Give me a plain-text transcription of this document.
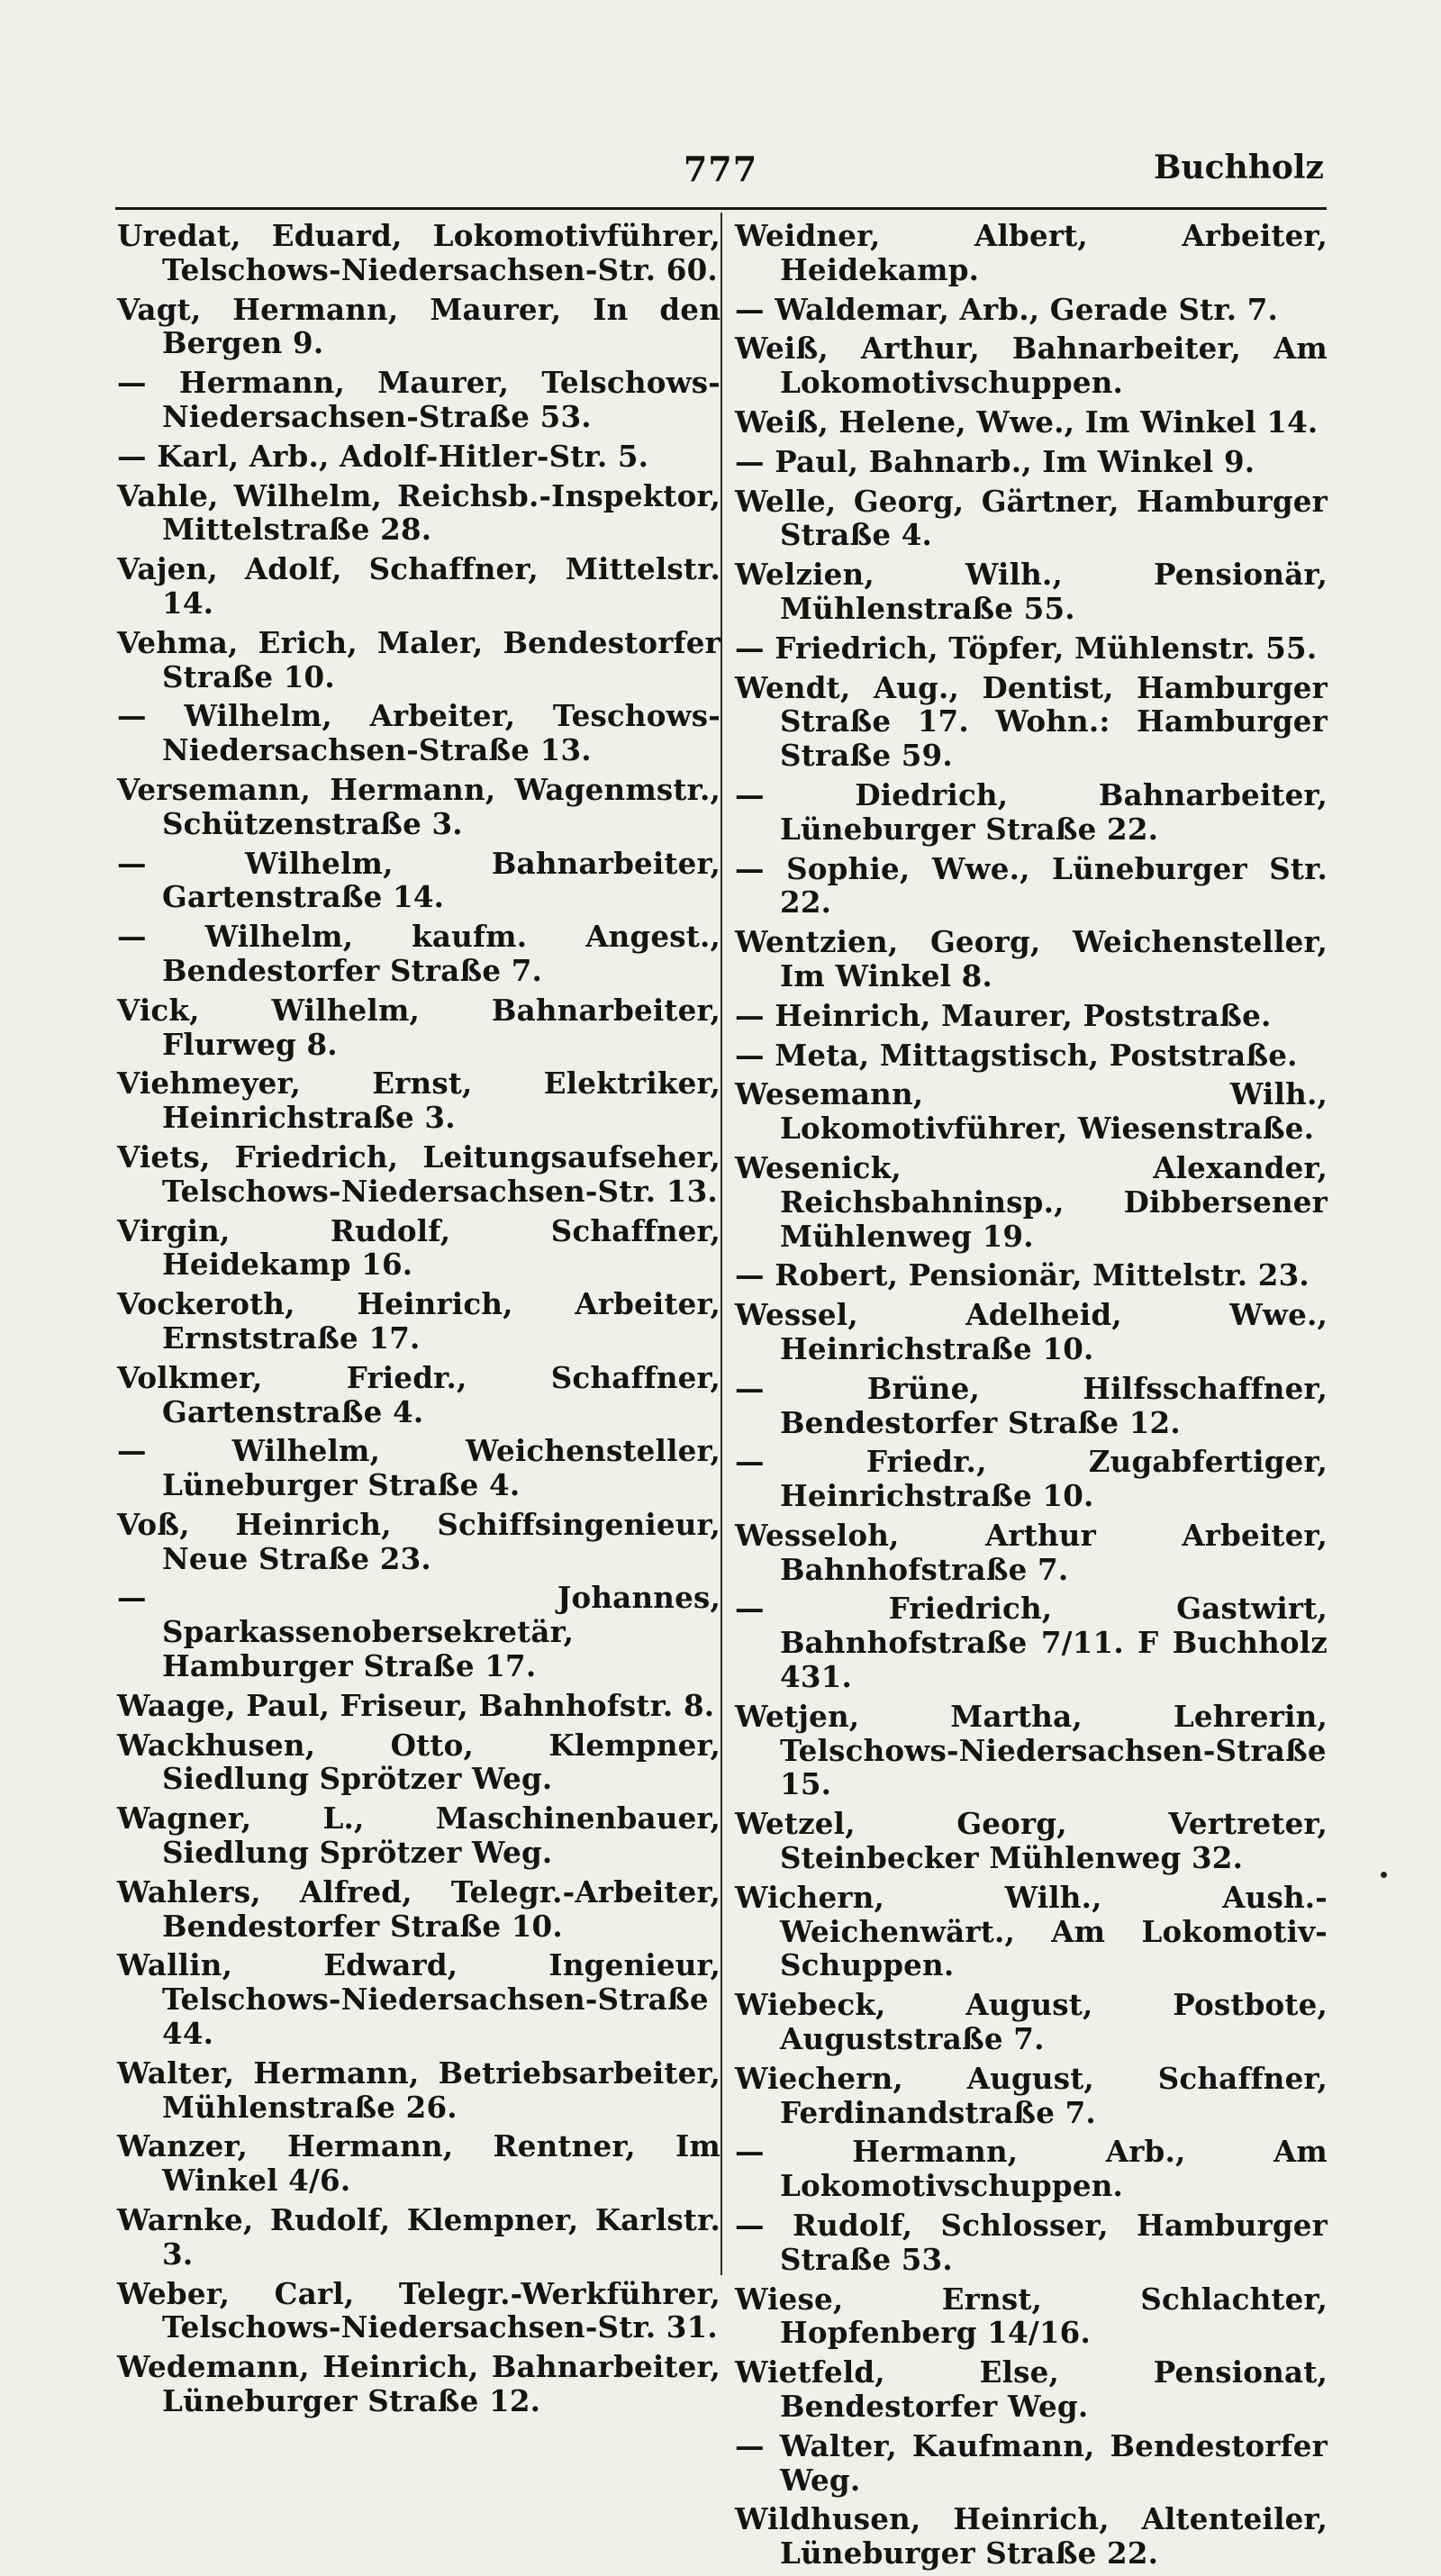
777	Buchholz

Uredat, Eduard, Lokomotivführer, Telschows-Niedersachsen-Str. 60.

Vagt, Hermann, Maurer, In den Bergen 9.

— Hermann, Maurer, Telschows-Niedersachsen-Straße 53.

— Karl, Arb., Adolf-Hitler-Str. 5.

Vahle, Wilhelm, Reichsb.-Inspektor, Mittelstraße 28.

Vajen, Adolf, Schaffner, Mittelstr. 14.

Vehma, Erich, Maler, Bendestorfer Straße 10.

— Wilhelm, Arbeiter, Teschows-Niedersachsen-Straße 13.

Versemann, Hermann, Wagenmstr., Schützenstraße 3.

— Wilhelm, Bahnarbeiter, Gartenstraße 14.

— Wilhelm, kaufm. Angest., Bendestorfer Straße 7.

Vick, Wilhelm, Bahnarbeiter, Flurweg 8.

Viehmeyer, Ernst, Elektriker, Heinrichstraße 3.

Viets, Friedrich, Leitungsaufseher, Telschows-Niedersachsen-Str. 13.

Virgin, Rudolf, Schaffner, Heidekamp 16.

Vockeroth, Heinrich, Arbeiter, Ernststraße 17.

Volkmer, Friedr., Schaffner, Gartenstraße 4.

— Wilhelm, Weichensteller, Lüneburger Straße 4.

Voß, Heinrich, Schiffsingenieur, Neue Straße 23.

— Johannes, Sparkassenobersekretär, Hamburger Straße 17.

Waage, Paul, Friseur, Bahnhofstr. 8.

Wackhusen, Otto, Klempner, Siedlung Sprötzer Weg.

Wagner, L., Maschinenbauer, Siedlung Sprötzer Weg.

Wahlers, Alfred, Telegr.-Arbeiter, Bendestorfer Straße 10.

Wallin, Edward, Ingenieur, Telschows-Niedersachsen-Straße 44.

Walter, Hermann, Betriebsarbeiter, Mühlenstraße 26.

Wanzer, Hermann, Rentner, Im Winkel 4/6.

Warnke, Rudolf, Klempner, Karlstr. 3.

Weber, Carl, Telegr.-Werkführer, Telschows-Niedersachsen-Str. 31.

Wedemann, Heinrich, Bahnarbeiter, Lüneburger Straße 12.

Weidner, Albert, Arbeiter, Heidekamp.

— Waldemar, Arb., Gerade Str. 7.

Weiß, Arthur, Bahnarbeiter, Am Lokomotivschuppen.

Weiß, Helene, Wwe., Im Winkel 14.

— Paul, Bahnarb., Im Winkel 9.

Welle, Georg, Gärtner, Hamburger Straße 4.

Welzien, Wilh., Pensionär, Mühlenstraße 55.

— Friedrich, Töpfer, Mühlenstr. 55.

Wendt, Aug., Dentist, Hamburger Straße 17. Wohn.: Hamburger Straße 59.

— Diedrich, Bahnarbeiter, Lüneburger Straße 22.

— Sophie, Wwe., Lüneburger Str. 22.

Wentzien, Georg, Weichensteller, Im Winkel 8.

— Heinrich, Maurer, Poststraße.

— Meta, Mittagstisch, Poststraße.

Wesemann, Wilh., Lokomotivführer, Wiesenstraße.

Wesenick, Alexander, Reichsbahninsp., Dibbersener Mühlenweg 19.

— Robert, Pensionär, Mittelstr. 23.

Wessel, Adelheid, Wwe., Heinrichstraße 10.

— Brüne, Hilfsschaffner, Bendestorfer Straße 12.

— Friedr., Zugabfertiger, Heinrichstraße 10.

Wesseloh, Arthur Arbeiter, Bahnhofstraße 7.

— Friedrich, Gastwirt, Bahnhofstraße 7/11. F Buchholz 431.

Wetjen, Martha, Lehrerin, Telschows-Niedersachsen-Straße 15.

Wetzel, Georg, Vertreter, Steinbecker Mühlenweg 32.

Wichern, Wilh., Aush.-Weichenwärt., Am Lokomotiv-Schuppen.

Wiebeck, August, Postbote, Auguststraße 7.

Wiechern, August, Schaffner, Ferdinandstraße 7.

— Hermann, Arb., Am Lokomotivschuppen.

— Rudolf, Schlosser, Hamburger Straße 53.

Wiese, Ernst, Schlachter, Hopfenberg 14/16.

Wietfeld, Else, Pensionat, Bendestorfer Weg.

— Walter, Kaufmann, Bendestorfer Weg.

Wildhusen, Heinrich, Altenteiler, Lüneburger Straße 22.
